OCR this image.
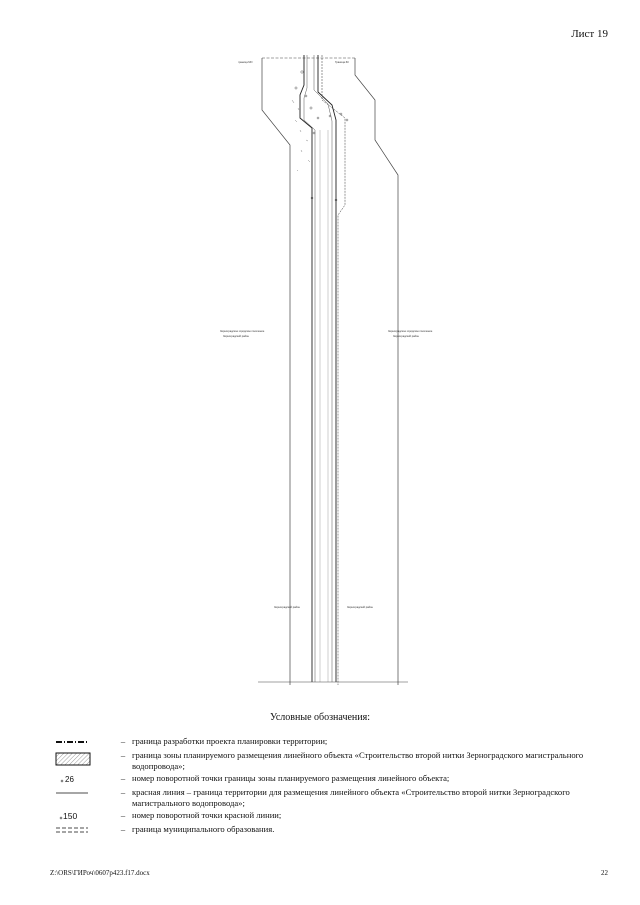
Лист 19
граница МО	Граница ЗК
Зерноградское городское поселение	Зерноградское городское поселение
Зерноградский район	Зерноградский район
Зерноградский район	Зерноградский район
Условные обозначения:
– граница разработки проекта планировки территории;
– граница зоны планируемого размещения линейного объекта «Строительство второй нитки Зерноградского магистрального водопровода»;
26	– номер поворотной точки границы зоны планируемого размещения линейного объекта;
– красная линия – граница территории для размещения линейного объекта «Строительство второй нитки Зерноградского магистрального водопровода»;
150	– номер поворотной точки красной линии;
– граница муниципального образования.
Z:\ORS\ГИРоч\0607p423.f17.docx	22
